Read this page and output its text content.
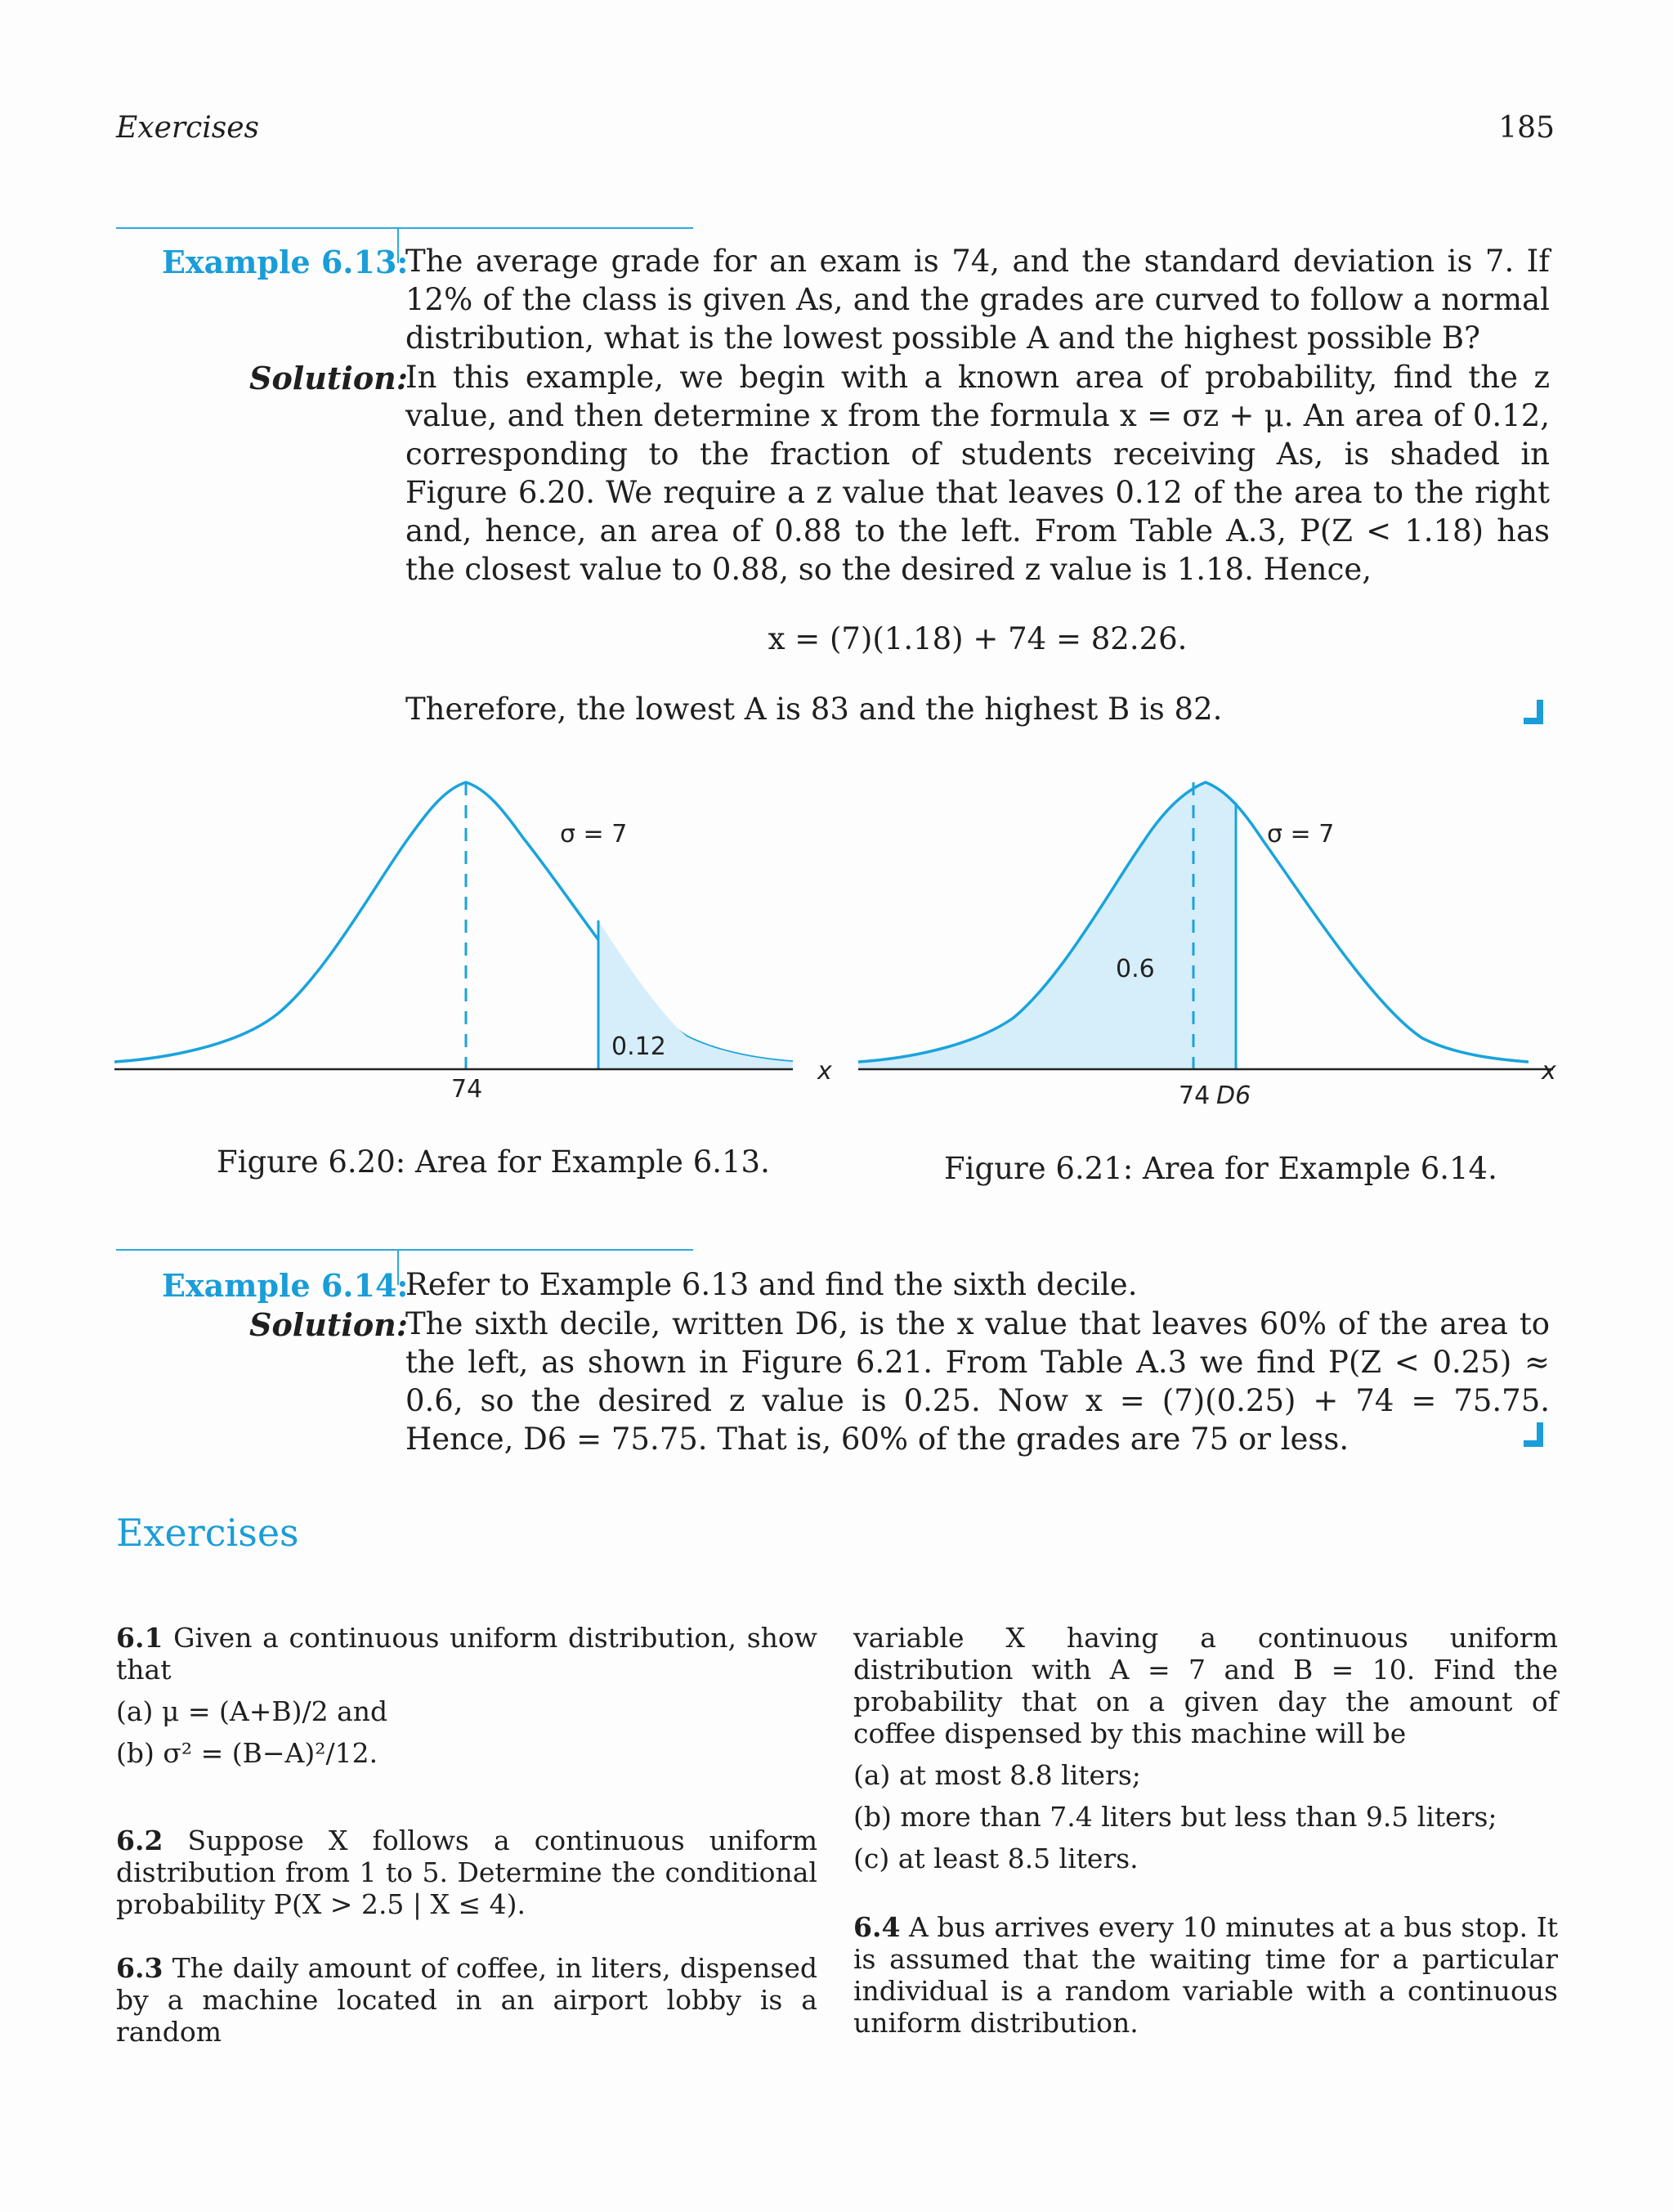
Exercises	185
Example 6.13:

The average grade for an exam is 74, and the standard deviation is 7. If 12% of the class is given As, and the grades are curved to follow a normal distribution, what is the lowest possible A and the highest possible B?

Solution:

In this example, we begin with a known area of probability, find the z value, and then determine x from the formula x = σz + μ. An area of 0.12, corresponding to the fraction of students receiving As, is shaded in Figure 6.20. We require a z value that leaves 0.12 of the area to the right and, hence, an area of 0.88 to the left. From Table A.3, P(Z < 1.18) has the closest value to 0.88, so the desired z value is 1.18. Hence,

x = (7)(1.18) + 74 = 82.26.
Therefore, the lowest A is 83 and the highest B is 82.
σ = 7
0.12
74
x
Figure 6.20: Area for Example 6.13.
σ = 7
0.6
74 D6
x
Figure 6.21: Area for Example 6.14.
Example 6.14:
Refer to Example 6.13 and find the sixth decile.
Solution:

The sixth decile, written D6, is the x value that leaves 60% of the area to the left, as shown in Figure 6.21. From Table A.3 we find P(Z < 0.25) ≈ 0.6, so the desired z value is 0.25. Now x = (7)(0.25) + 74 = 75.75. Hence, D6 = 75.75. That is, 60% of the grades are 75 or less.

Exercises

6.1 Given a continuous uniform distribution, show that

(a) μ = (A+B)/2 and

(b) σ² = (B−A)²/12.

6.2 Suppose X follows a continuous uniform distribution from 1 to 5. Determine the conditional probability P(X > 2.5 | X ≤ 4).

6.3 The daily amount of coffee, in liters, dispensed by a machine located in an airport lobby is a random

variable X having a continuous uniform distribution with A = 7 and B = 10. Find the probability that on a given day the amount of coffee dispensed by this machine will be

(a) at most 8.8 liters;

(b) more than 7.4 liters but less than 9.5 liters;

(c) at least 8.5 liters.

6.4 A bus arrives every 10 minutes at a bus stop. It is assumed that the waiting time for a particular individual is a random variable with a continuous uniform distribution.
